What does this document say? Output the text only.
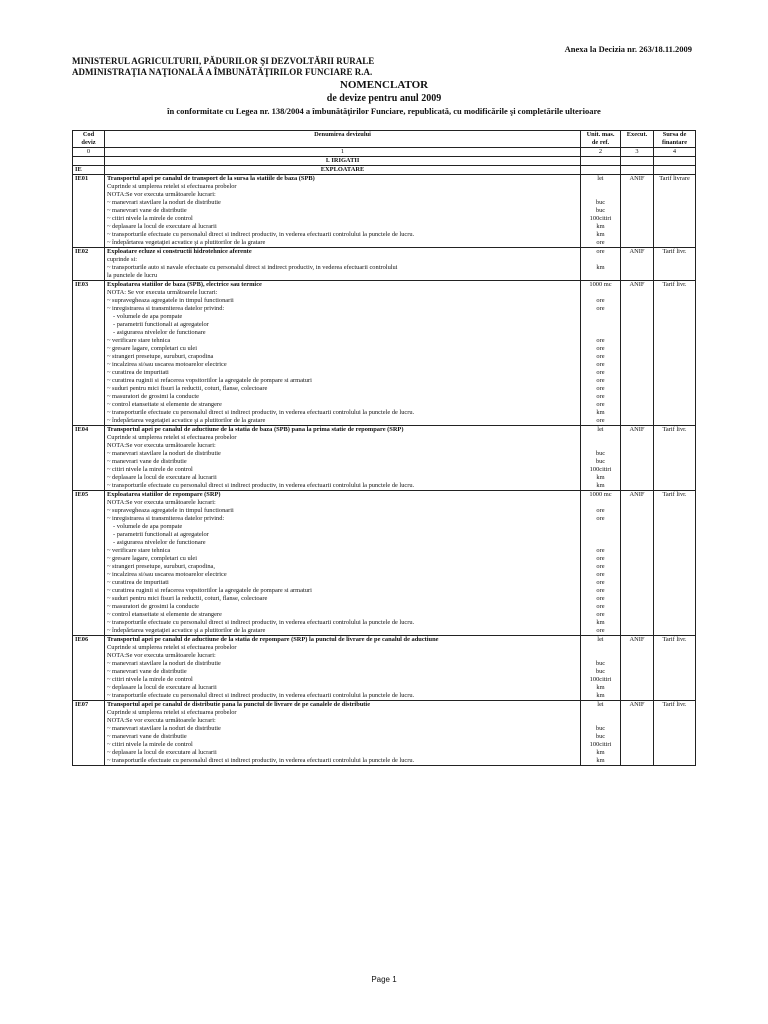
Anexa la Decizia nr. 263/18.11.2009
MINISTERUL AGRICULTURII, PĂDURILOR ŞI DEZVOLTĂRII RURALE
ADMINISTRAŢIA NAŢIONALĂ A ÎMBUNĂTĂŢIRILOR FUNCIARE R.A.
NOMENCLATOR
de devize pentru anul 2009
în conformitate cu Legea nr. 138/2004 a îmbunătăţirilor Funciare, republicată, cu modificările şi completările ulterioare
Cod deviz	Denumirea devizului	Unit. mas. de ref.	Execut.	Sursa de finantare
0	1	2	3	4
	I. IRIGATII			
IE	EXPLOATARE			
IE01	Transportul apei pe canalul de transport de la sursa la statiile de baza (SPB)	lei	ANIF	Tarif livrare
	Cuprinde si umplerea retelei si efectuarea probelor			
	NOTA:Se vor executa următoarele lucrari:			
	~ manevrari stavilare la noduri de distributie	buc		
	~ manevrari vane de distributie	buc		
	~ citiri nivele la mirele de control	100citiri		
	~ deplasare la locul de executare al lucrarii	km		
	~ transporturile efectuate cu personalul direct si indirect productiv, in vederea efectuarii controlului la punctele de lucru.	km		
	~ îndepărtarea vegetaţiei acvatice şi a plutitorilor de la gratare	ore		
IE02	Exploatare ecluze si constructii hidrotehnice aferente	ore	ANIF	Tarif livr.
	cuprinde si:			
	~ transporturile auto si navale efectuate cu personalul direct si indirect productiv, in vederea efectuarii controlului	km		
	la punctele de lucru			
IE03	Exploatarea statiilor de baza (SPB), electrice sau termice	1000 mc	ANIF	Tarif livr.
	NOTA: Se vor executa următoarele lucrari:			
	~ supravegheaza agregatele in timpul functionarii	ore		
	~ inregistrarea si transmiterea datelor privind:	ore		
	- volumele de apa pompate			
	- parametrii functionali ai agregatelor			
	- asigurarea nivelelor de functionare			
	~ verificare stare tehnica	ore		
	~ gresare lagare, completari cu ulei	ore		
	~ strangeri presetupe, suruburi, crapodina	ore		
	~ incalzirea si/sau uscarea motoarelor electrice	ore		
	~ curatirea de impuritati	ore		
	~ curatirea ruginii si refacerea vopsitoriilor la agregatele de pompare si armaturi	ore		
	~ suduri pentru mici fisuri la reductii, coturi, flanse, colectoare	ore		
	~ masuratori de grosimi la conducte	ore		
	~ control etanseitate si elemente de strangere	ore		
	~ transporturile efectuate cu personalul direct si indirect productiv, in vederea efectuarii controlului la punctele de lucru.	km		
	~ îndepărtarea vegetaţiei acvatice şi a plutitorilor de la gratare	ore		
IE04	Transportul apei pe canalul de aductiune de la statia de baza (SPB) pana la prima statie de repompare (SRP)	lei	ANIF	Tarif livr.
	Cuprinde si umplerea retelei si efectuarea probelor			
	NOTA:Se vor executa următoarele lucrari:			
	~ manevrari stavilare la noduri de distributie	buc		
	~ manevrari vane de distributie	buc		
	~ citiri nivele la mirele de control	100citiri		
	~ deplasare la locul de executare al lucrarii	km		
	~ transporturile efectuate cu personalul direct si indirect productiv, in vederea efectuarii controlului la punctele de lucru.	km		
IE05	Exploatarea statiilor de repompare (SRP)	1000 mc	ANIF	Tarif livr.
	NOTA:Se vor executa următoarele lucrari:			
	~ supravegheaza agregatele in timpul functionarii	ore		
	~ inregistrarea si transmiterea datelor privind:	ore		
	- volumele de apa pompate			
	- parametrii functionali ai agregatelor			
	- asigurarea nivelelor de functionare			
	~ verificare stare tehnica	ore		
	~ gresare lagare, completari cu ulei	ore		
	~ strangeri presetupe, suruburi, crapodina,	ore		
	~ incalzirea si/sau uscarea motoarelor electrice	ore		
	~ curatirea de impuritati	ore		
	~ curatirea ruginii si refacerea vopsitoriilor la agregatele de pompare si armaturi	ore		
	~ suduri pentru mici fisuri la reductii, coturi, flanse, colectoare	ore		
	~ masuratori de grosimi la conducte	ore		
	~ control etanseitate si elemente de strangere	ore		
	~ transporturile efectuate cu personalul direct si indirect productiv, in vederea efectuarii controlului la punctele de lucru.	km		
	~ îndepărtarea vegetaţiei acvatice şi a plutitorilor de la gratare	ore		
IE06	Transportul apei pe canalul de aductiune de la statia de repompare (SRP) la punctul de livrare de pe canalul de aductiune	lei	ANIF	Tarif livr.
	Cuprinde si umplerea retelei si efectuarea probelor			
	NOTA:Se vor executa următoarele lucrari:			
	~ manevrari stavilare la noduri de distributie	buc		
	~ manevrari vane de distributie	buc		
	~ citiri nivele la mirele de control	100citiri		
	~ deplasare la locul de executare al lucrarii	km		
	~ transporturile efectuate cu personalul direct si indirect productiv, in vederea efectuarii controlului la punctele de lucru.	km		
IE07	Transportul apei pe canalul de distributie pana la punctul de livrare de pe canalele de distributie	lei	ANIF	Tarif livr.
	Cuprinde si umplerea retelei si efectuarea probelor			
	NOTA:Se vor executa următoarele lucrari:			
	~ manevrari stavilare la noduri de distributie	buc		
	~ manevrari vane de distributie	buc		
	~ citiri nivele la mirele de control	100citiri		
	~ deplasare la locul de executare al lucrarii	km		
	~ transporturile efectuate cu personalul direct si indirect productiv, in vederea efectuarii controlului la punctele de lucru.	km		
Page 1
